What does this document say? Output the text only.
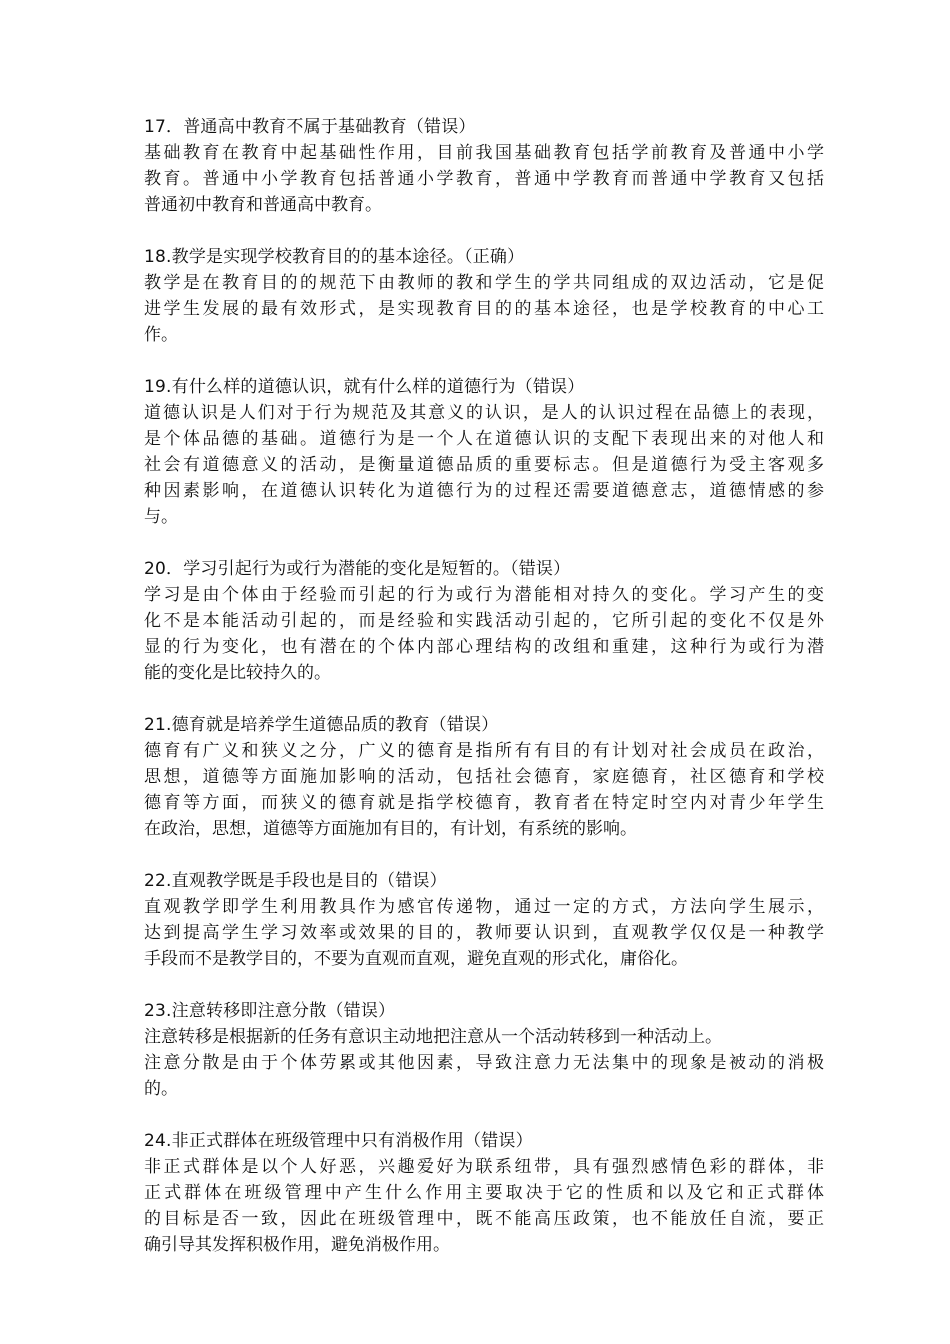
17．普通高中教育不属于基础教育（错误）
基础教育在教育中起基础性作用，目前我国基础教育包括学前教育及普通中小学
教育。普通中小学教育包括普通小学教育，普通中学教育而普通中学教育又包括
普通初中教育和普通高中教育。
18.教学是实现学校教育目的的基本途径。（正确）
教学是在教育目的的规范下由教师的教和学生的学共同组成的双边活动，它是促
进学生发展的最有效形式，是实现教育目的的基本途径，也是学校教育的中心工
作。
19.有什么样的道德认识，就有什么样的道德行为（错误）
道德认识是人们对于行为规范及其意义的认识，是人的认识过程在品德上的表现，
是个体品德的基础。道德行为是一个人在道德认识的支配下表现出来的对他人和
社会有道德意义的活动，是衡量道德品质的重要标志。但是道德行为受主客观多
种因素影响，在道德认识转化为道德行为的过程还需要道德意志，道德情感的参
与。
20．学习引起行为或行为潜能的变化是短暂的。（错误）
学习是由个体由于经验而引起的行为或行为潜能相对持久的变化。学习产生的变
化不是本能活动引起的，而是经验和实践活动引起的，它所引起的变化不仅是外
显的行为变化，也有潜在的个体内部心理结构的改组和重建，这种行为或行为潜
能的变化是比较持久的。
21.德育就是培养学生道德品质的教育（错误）
德育有广义和狭义之分，广义的德育是指所有有目的有计划对社会成员在政治，
思想，道德等方面施加影响的活动，包括社会德育，家庭德育，社区德育和学校
德育等方面，而狭义的德育就是指学校德育，教育者在特定时空内对青少年学生
在政治，思想，道德等方面施加有目的，有计划，有系统的影响。
22.直观教学既是手段也是目的（错误）
直观教学即学生利用教具作为感官传递物，通过一定的方式，方法向学生展示，
达到提高学生学习效率或效果的目的，教师要认识到，直观教学仅仅是一种教学
手段而不是教学目的，不要为直观而直观，避免直观的形式化，庸俗化。
23.注意转移即注意分散（错误）
注意转移是根据新的任务有意识主动地把注意从一个活动转移到一种活动上。
注意分散是由于个体劳累或其他因素，导致注意力无法集中的现象是被动的消极
的。
24.非正式群体在班级管理中只有消极作用（错误）
非正式群体是以个人好恶，兴趣爱好为联系纽带，具有强烈感情色彩的群体，非
正式群体在班级管理中产生什么作用主要取决于它的性质和以及它和正式群体
的目标是否一致，因此在班级管理中，既不能高压政策，也不能放任自流，要正
确引导其发挥积极作用，避免消极作用。
